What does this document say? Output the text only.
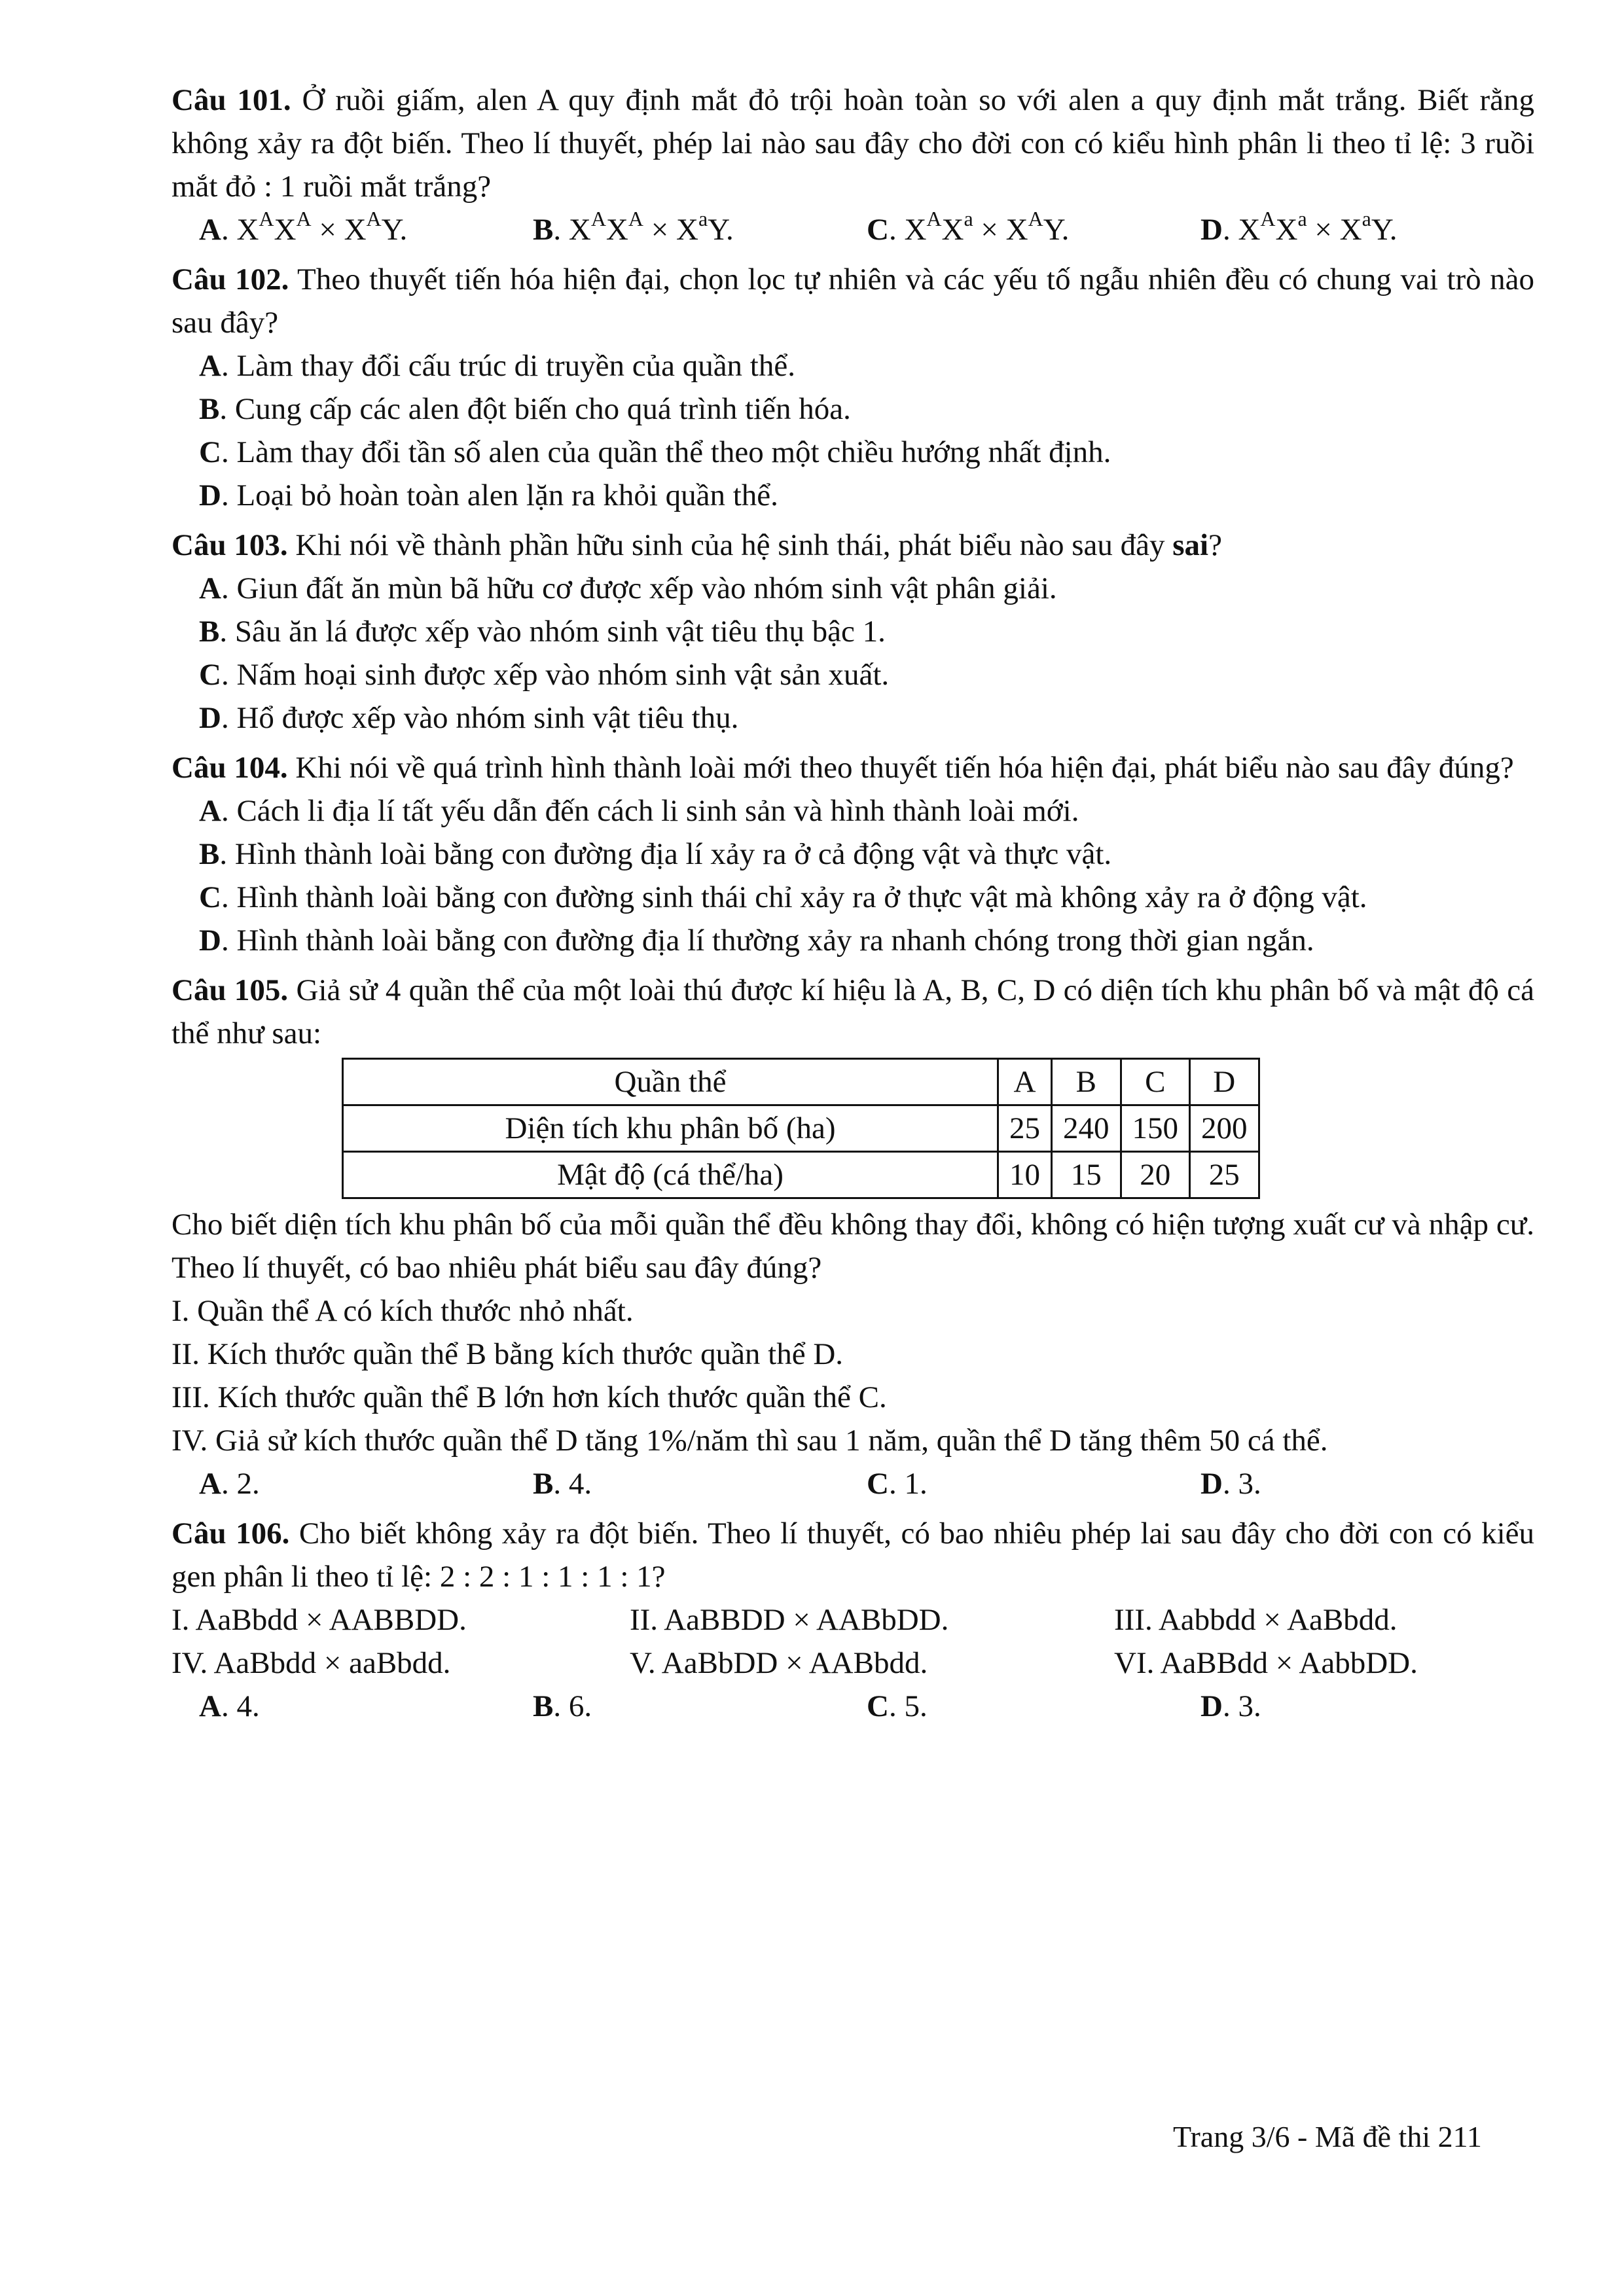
Câu 101. Ở ruồi giấm, alen A quy định mắt đỏ trội hoàn toàn so với alen a quy định mắt trắng. Biết rằng không xảy ra đột biến. Theo lí thuyết, phép lai nào sau đây cho đời con có kiểu hình phân li theo tỉ lệ: 3 ruồi mắt đỏ : 1 ruồi mắt trắng?
A. $X^AX^A \times X^AY$.	B. $X^AX^A \times X^aY$.	C. $X^AX^a \times X^AY$.	D. $X^AX^a \times X^aY$.
Câu 102. Theo thuyết tiến hóa hiện đại, chọn lọc tự nhiên và các yếu tố ngẫu nhiên đều có chung vai trò nào sau đây?
A. Làm thay đổi cấu trúc di truyền của quần thể.
B. Cung cấp các alen đột biến cho quá trình tiến hóa.
C. Làm thay đổi tần số alen của quần thể theo một chiều hướng nhất định.
D. Loại bỏ hoàn toàn alen lặn ra khỏi quần thể.
Câu 103. Khi nói về thành phần hữu sinh của hệ sinh thái, phát biểu nào sau đây sai?
A. Giun đất ăn mùn bã hữu cơ được xếp vào nhóm sinh vật phân giải.
B. Sâu ăn lá được xếp vào nhóm sinh vật tiêu thụ bậc 1.
C. Nấm hoại sinh được xếp vào nhóm sinh vật sản xuất.
D. Hổ được xếp vào nhóm sinh vật tiêu thụ.
Câu 104. Khi nói về quá trình hình thành loài mới theo thuyết tiến hóa hiện đại, phát biểu nào sau đây đúng?
A. Cách li địa lí tất yếu dẫn đến cách li sinh sản và hình thành loài mới.
B. Hình thành loài bằng con đường địa lí xảy ra ở cả động vật và thực vật.
C. Hình thành loài bằng con đường sinh thái chỉ xảy ra ở thực vật mà không xảy ra ở động vật.
D. Hình thành loài bằng con đường địa lí thường xảy ra nhanh chóng trong thời gian ngắn.
Câu 105. Giả sử 4 quần thể của một loài thú được kí hiệu là A, B, C, D có diện tích khu phân bố và mật độ cá thể như sau:
Quần thể	A	B	C	D
Diện tích khu phân bố (ha)	25	240	150	200
Mật độ (cá thể/ha)	10	15	20	25
Cho biết diện tích khu phân bố của mỗi quần thể đều không thay đổi, không có hiện tượng xuất cư và nhập cư. Theo lí thuyết, có bao nhiêu phát biểu sau đây đúng?
I. Quần thể A có kích thước nhỏ nhất.
II. Kích thước quần thể B bằng kích thước quần thể D.
III. Kích thước quần thể B lớn hơn kích thước quần thể C.
IV. Giả sử kích thước quần thể D tăng 1%/năm thì sau 1 năm, quần thể D tăng thêm 50 cá thể.
A. 2.	B. 4.	C. 1.	D. 3.
Câu 106. Cho biết không xảy ra đột biến. Theo lí thuyết, có bao nhiêu phép lai sau đây cho đời con có kiểu gen phân li theo tỉ lệ: 2 : 2 : 1 : 1 : 1 : 1?
I. AaBbdd × AABBDD.	II. AaBBDD × AABbDD.	III. Aabbdd × AaBbdd.
IV. AaBbdd × aaBbdd.	V. AaBbDD × AABbdd.	VI. AaBBdd × AabbDD.
A. 4.	B. 6.	C. 5.	D. 3.
Trang 3/6 - Mã đề thi 211
